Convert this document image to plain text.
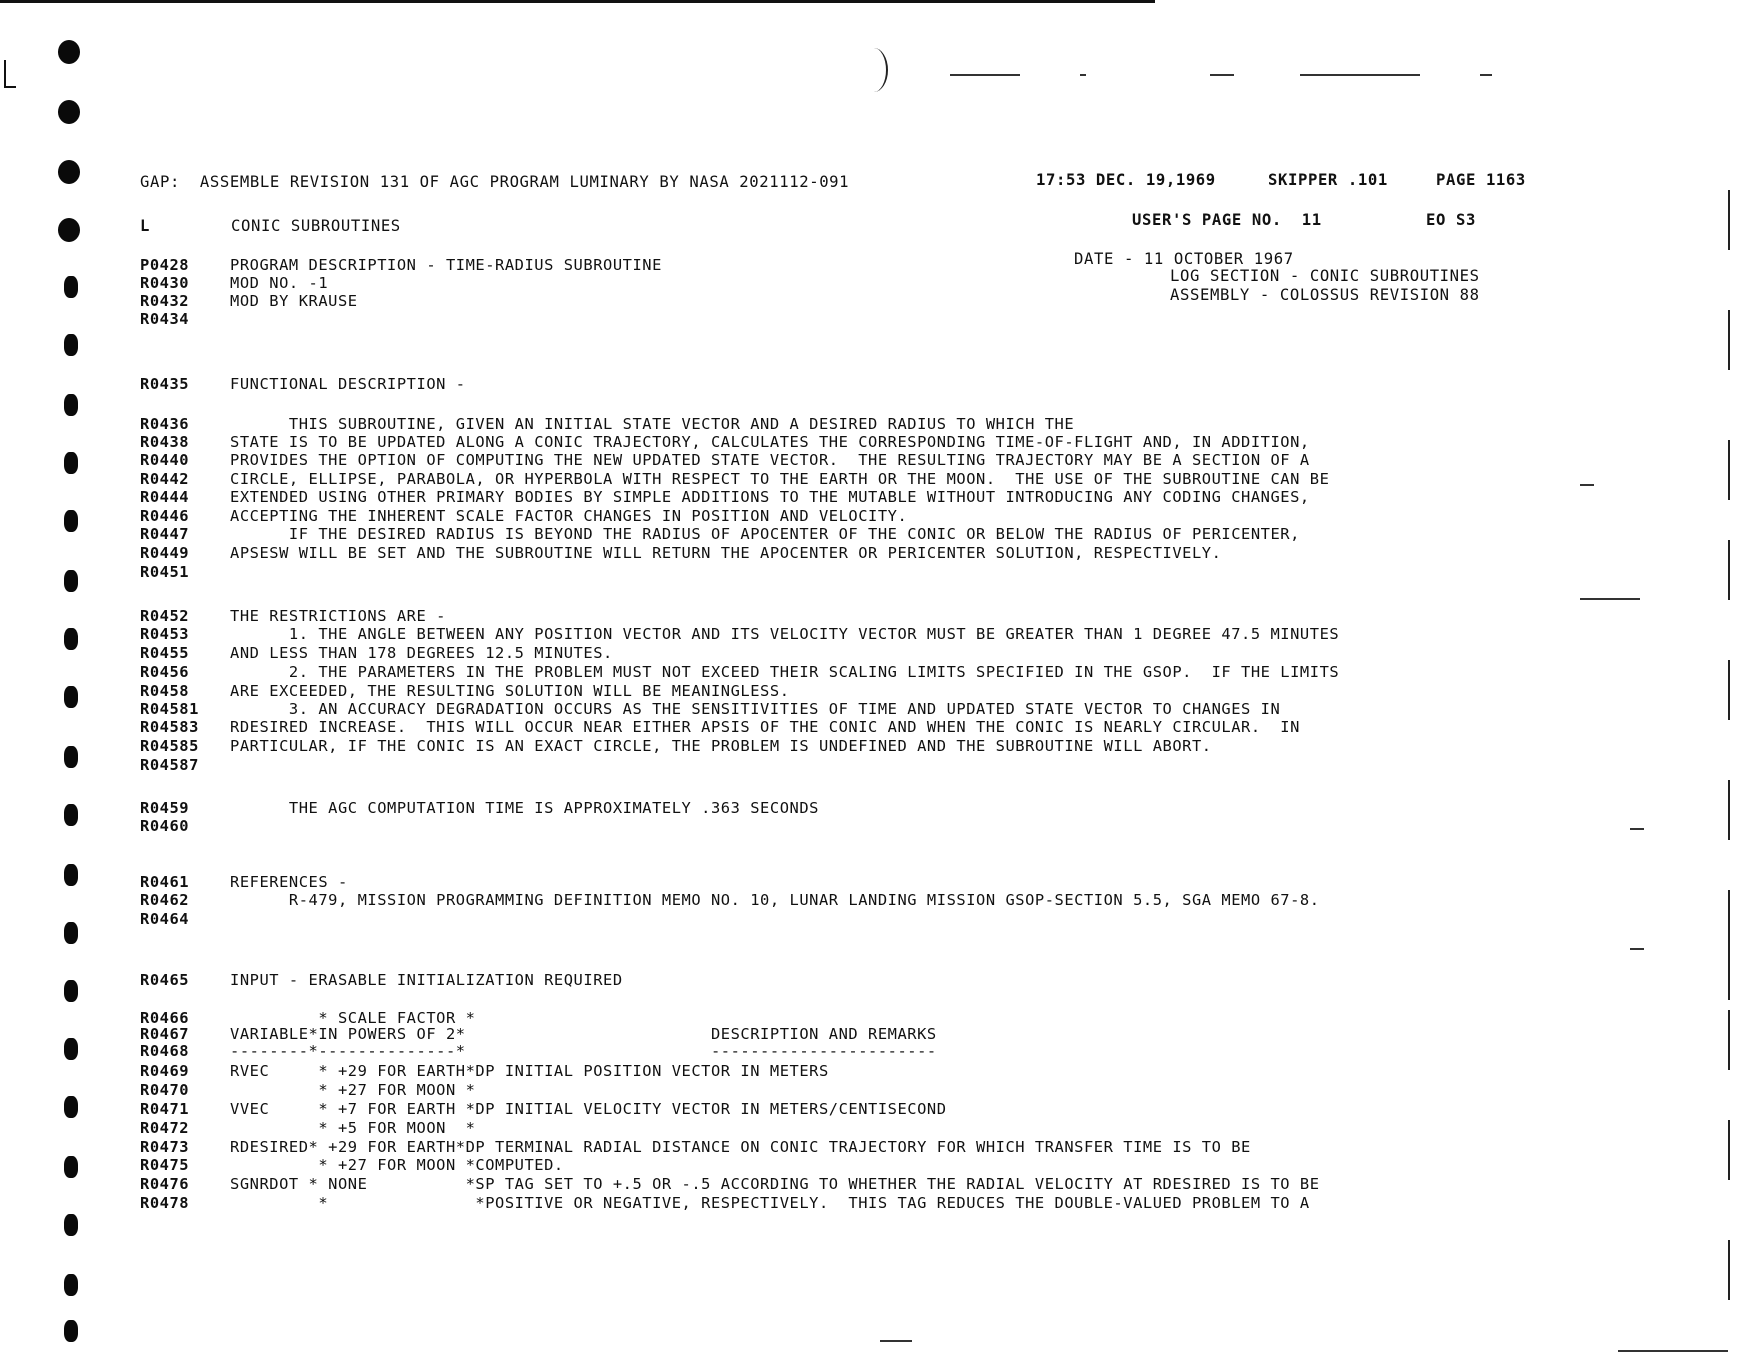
GAP:  ASSEMBLE REVISION 131 OF AGC PROGRAM LUMINARY BY NASA 2021112-091	17:53 DEC. 19,1969	SKIPPER .101	PAGE 1163
L	CONIC SUBROUTINES	USER'S PAGE NO.  11	EO S3
DATE - 11 OCTOBER 1967
LOG SECTION - CONIC SUBROUTINES
ASSEMBLY - COLOSSUS REVISION 88
P0428	PROGRAM DESCRIPTION - TIME-RADIUS SUBROUTINE
R0430	MOD NO. -1
R0432	MOD BY KRAUSE
R0434
R0435	FUNCTIONAL DESCRIPTION -
R0436	THIS SUBROUTINE, GIVEN AN INITIAL STATE VECTOR AND A DESIRED RADIUS TO WHICH THE
R0438	STATE IS TO BE UPDATED ALONG A CONIC TRAJECTORY, CALCULATES THE CORRESPONDING TIME-OF-FLIGHT AND, IN ADDITION,
R0440	PROVIDES THE OPTION OF COMPUTING THE NEW UPDATED STATE VECTOR.  THE RESULTING TRAJECTORY MAY BE A SECTION OF A
R0442	CIRCLE, ELLIPSE, PARABOLA, OR HYPERBOLA WITH RESPECT TO THE EARTH OR THE MOON.  THE USE OF THE SUBROUTINE CAN BE
R0444	EXTENDED USING OTHER PRIMARY BODIES BY SIMPLE ADDITIONS TO THE MUTABLE WITHOUT INTRODUCING ANY CODING CHANGES,
R0446	ACCEPTING THE INHERENT SCALE FACTOR CHANGES IN POSITION AND VELOCITY.
R0447	IF THE DESIRED RADIUS IS BEYOND THE RADIUS OF APOCENTER OF THE CONIC OR BELOW THE RADIUS OF PERICENTER,
R0449	APSESW WILL BE SET AND THE SUBROUTINE WILL RETURN THE APOCENTER OR PERICENTER SOLUTION, RESPECTIVELY.
R0451
R0452	THE RESTRICTIONS ARE -
R0453	1. THE ANGLE BETWEEN ANY POSITION VECTOR AND ITS VELOCITY VECTOR MUST BE GREATER THAN 1 DEGREE 47.5 MINUTES
R0455	AND LESS THAN 178 DEGREES 12.5 MINUTES.
R0456	2. THE PARAMETERS IN THE PROBLEM MUST NOT EXCEED THEIR SCALING LIMITS SPECIFIED IN THE GSOP.  IF THE LIMITS
R0458	ARE EXCEEDED, THE RESULTING SOLUTION WILL BE MEANINGLESS.
R04581      3. AN ACCURACY DEGRADATION OCCURS AS THE SENSITIVITIES OF TIME AND UPDATED STATE VECTOR TO CHANGES IN
R04583 RDESIRED INCREASE.  THIS WILL OCCUR NEAR EITHER APSIS OF THE CONIC AND WHEN THE CONIC IS NEARLY CIRCULAR.  IN
R04585 PARTICULAR, IF THE CONIC IS AN EXACT CIRCLE, THE PROBLEM IS UNDEFINED AND THE SUBROUTINE WILL ABORT.
R04587
R0459	THE AGC COMPUTATION TIME IS APPROXIMATELY .363 SECONDS
R0460
R0461	REFERENCES -
R0462	R-479, MISSION PROGRAMMING DEFINITION MEMO NO. 10, LUNAR LANDING MISSION GSOP-SECTION 5.5, SGA MEMO 67-8.
R0464
R0465	INPUT - ERASABLE INITIALIZATION REQUIRED
R0466	* SCALE FACTOR *
R0467	VARIABLE*IN POWERS OF 2*                         DESCRIPTION AND REMARKS
R0468	--------*--------------*                         -----------------------
R0469	RVEC     * +29 FOR EARTH*DP INITIAL POSITION VECTOR IN METERS
R0470	* +27 FOR MOON *
R0471	VVEC     * +7 FOR EARTH *DP INITIAL VELOCITY VECTOR IN METERS/CENTISECOND
R0472	* +5 FOR MOON  *
R0473	RDESIRED* +29 FOR EARTH*DP TERMINAL RADIAL DISTANCE ON CONIC TRAJECTORY FOR WHICH TRANSFER TIME IS TO BE
R0475	* +27 FOR MOON *COMPUTED.
R0476	SGNRDOT * NONE          *SP TAG SET TO +.5 OR -.5 ACCORDING TO WHETHER THE RADIAL VELOCITY AT RDESIRED IS TO BE
R0478	*               *POSITIVE OR NEGATIVE, RESPECTIVELY.  THIS TAG REDUCES THE DOUBLE-VALUED PROBLEM TO A
